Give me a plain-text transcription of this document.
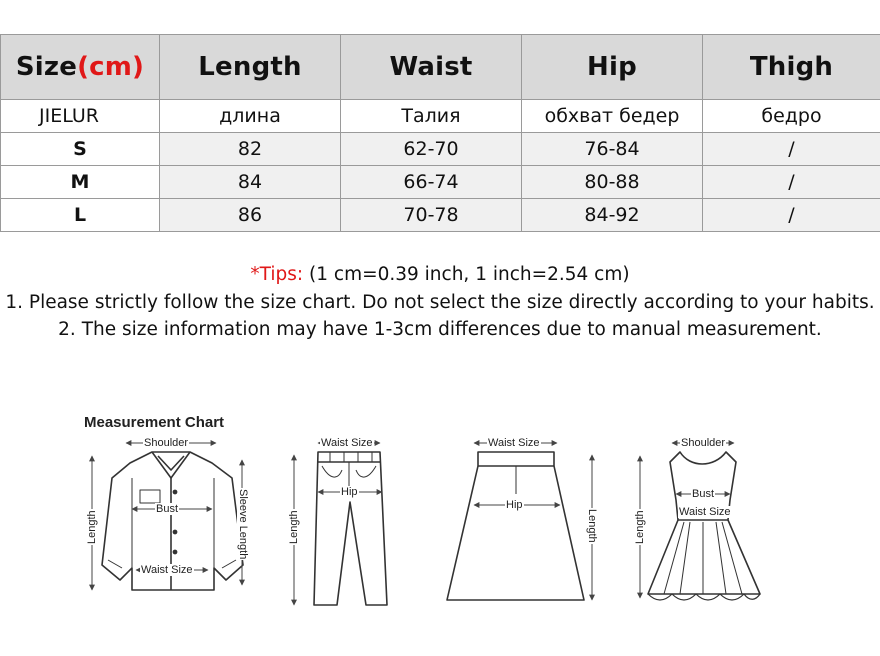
Size(cm)	Length	Waist	Hip	Thigh
JIELUR	длина	Талия	обхват бедер	бедро
S	82	62-70	76-84	/
M	84	66-74	80-88	/
L	86	70-78	84-92	/
*Tips: (1 cm=0.39 inch, 1 inch=2.54 cm)
1. Please strictly follow the size chart. Do not select the size directly according to your habits.
2. The size information may have 1-3cm differences due to manual measurement.
Measurement Chart
Shoulder
Bust
Waist Size
Length	Sleeve Length
Waist Size
Hip
Length
Waist Size
Hip
Length
Shoulder
Bust
Waist Size
Length
